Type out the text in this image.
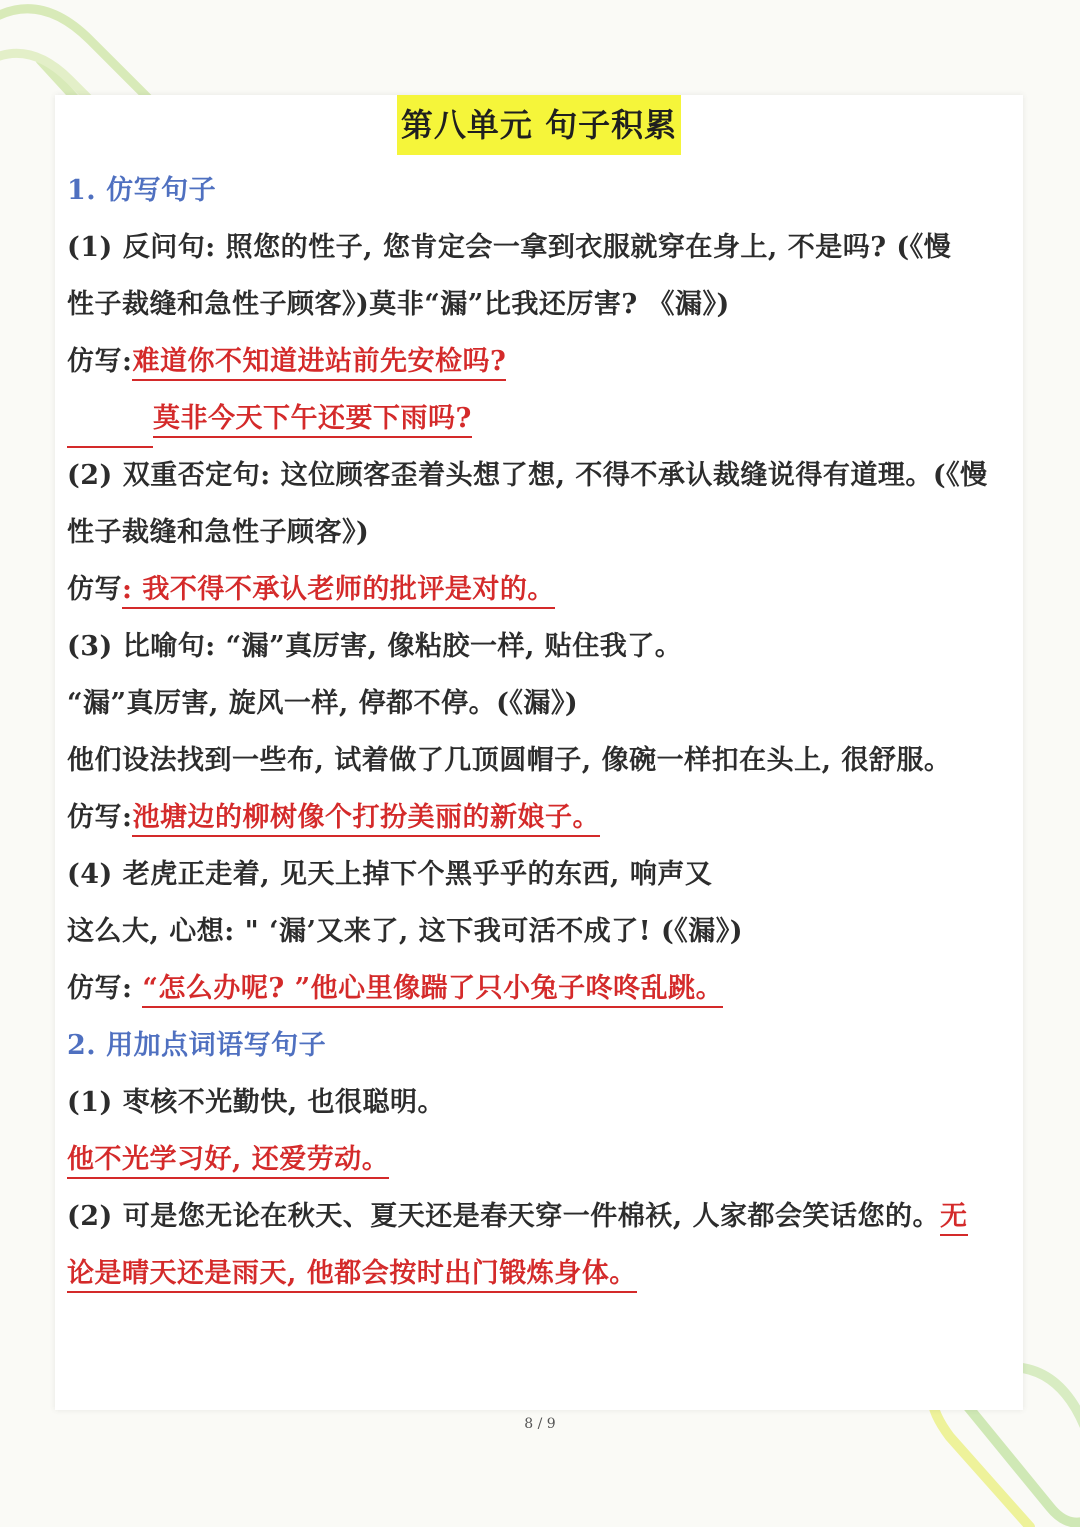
第八单元 句子积累
1. 仿写句子
(1) 反问句: 照您的性子, 您肯定会一拿到衣服就穿在身上, 不是吗? (《慢
性子裁缝和急性子顾客》)莫非“漏”比我还厉害? 《漏》)
仿写:难道你不知道进站前先安检吗?
莫非今天下午还要下雨吗?
(2) 双重否定句: 这位顾客歪着头想了想, 不得不承认裁缝说得有道理。(《慢
性子裁缝和急性子顾客》)
仿写: 我不得不承认老师的批评是对的。
(3) 比喻句: “漏”真厉害, 像粘胶一样, 贴住我了。
“漏”真厉害, 旋风一样, 停都不停。(《漏》)
他们设法找到一些布, 试着做了几顶圆帽子, 像碗一样扣在头上, 很舒服。
仿写:池塘边的柳树像个打扮美丽的新娘子。
(4) 老虎正走着, 见天上掉下个黑乎乎的东西, 响声又
这么大, 心想: " ‘漏’又来了, 这下我可活不成了! (《漏》)
仿写: “怎么办呢? ”他心里像踹了只小兔子咚咚乱跳。
2. 用加点词语写句子
(1) 枣核不光勤快, 也很聪明。
他不光学习好, 还爱劳动。
(2) 可是您无论在秋天、夏天还是春天穿一件棉袄, 人家都会笑话您的。无
论是晴天还是雨天, 他都会按时出门锻炼身体。
8 / 9
